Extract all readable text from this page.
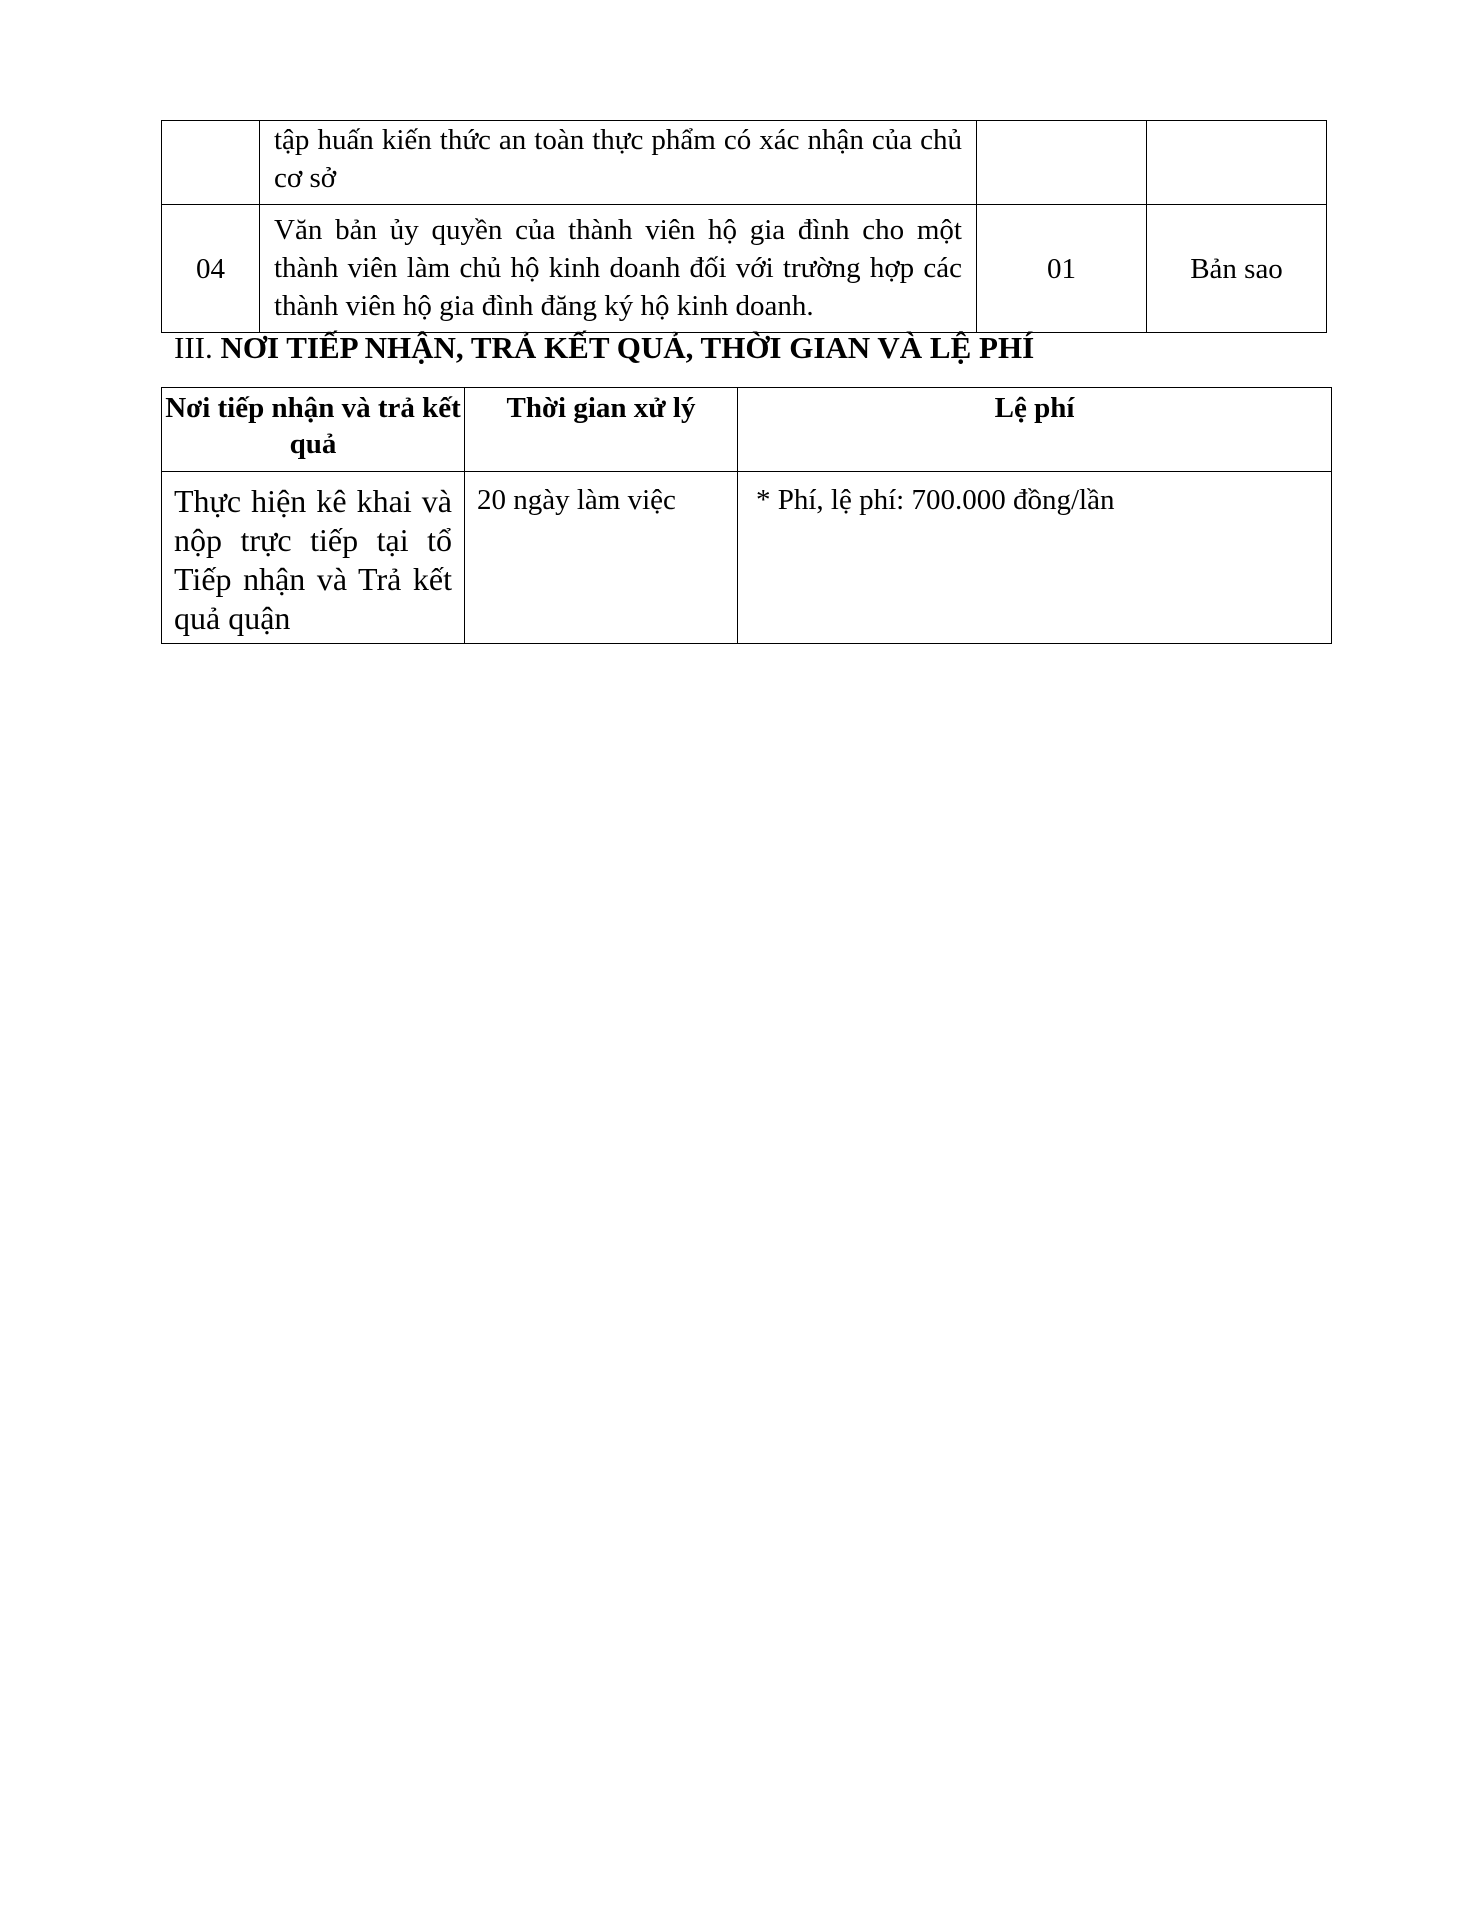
	tập huấn kiến thức an toàn thực phẩm có xác nhận của chủ cơ sở		
04	Văn bản ủy quyền của thành viên hộ gia đình cho một thành viên làm chủ hộ kinh doanh đối với trường hợp các thành viên hộ gia đình đăng ký hộ kinh doanh.	01	Bản sao
III. NƠI TIẾP NHẬN, TRẢ KẾT QUẢ, THỜI GIAN VÀ LỆ PHÍ
Nơi tiếp nhận và trả kết quả	Thời gian xử lý	Lệ phí
Thực hiện kê khai và nộp trực tiếp tại tổ Tiếp nhận và Trả kết quả quận	20 ngày làm việc	* Phí, lệ phí: 700.000 đồng/lần
